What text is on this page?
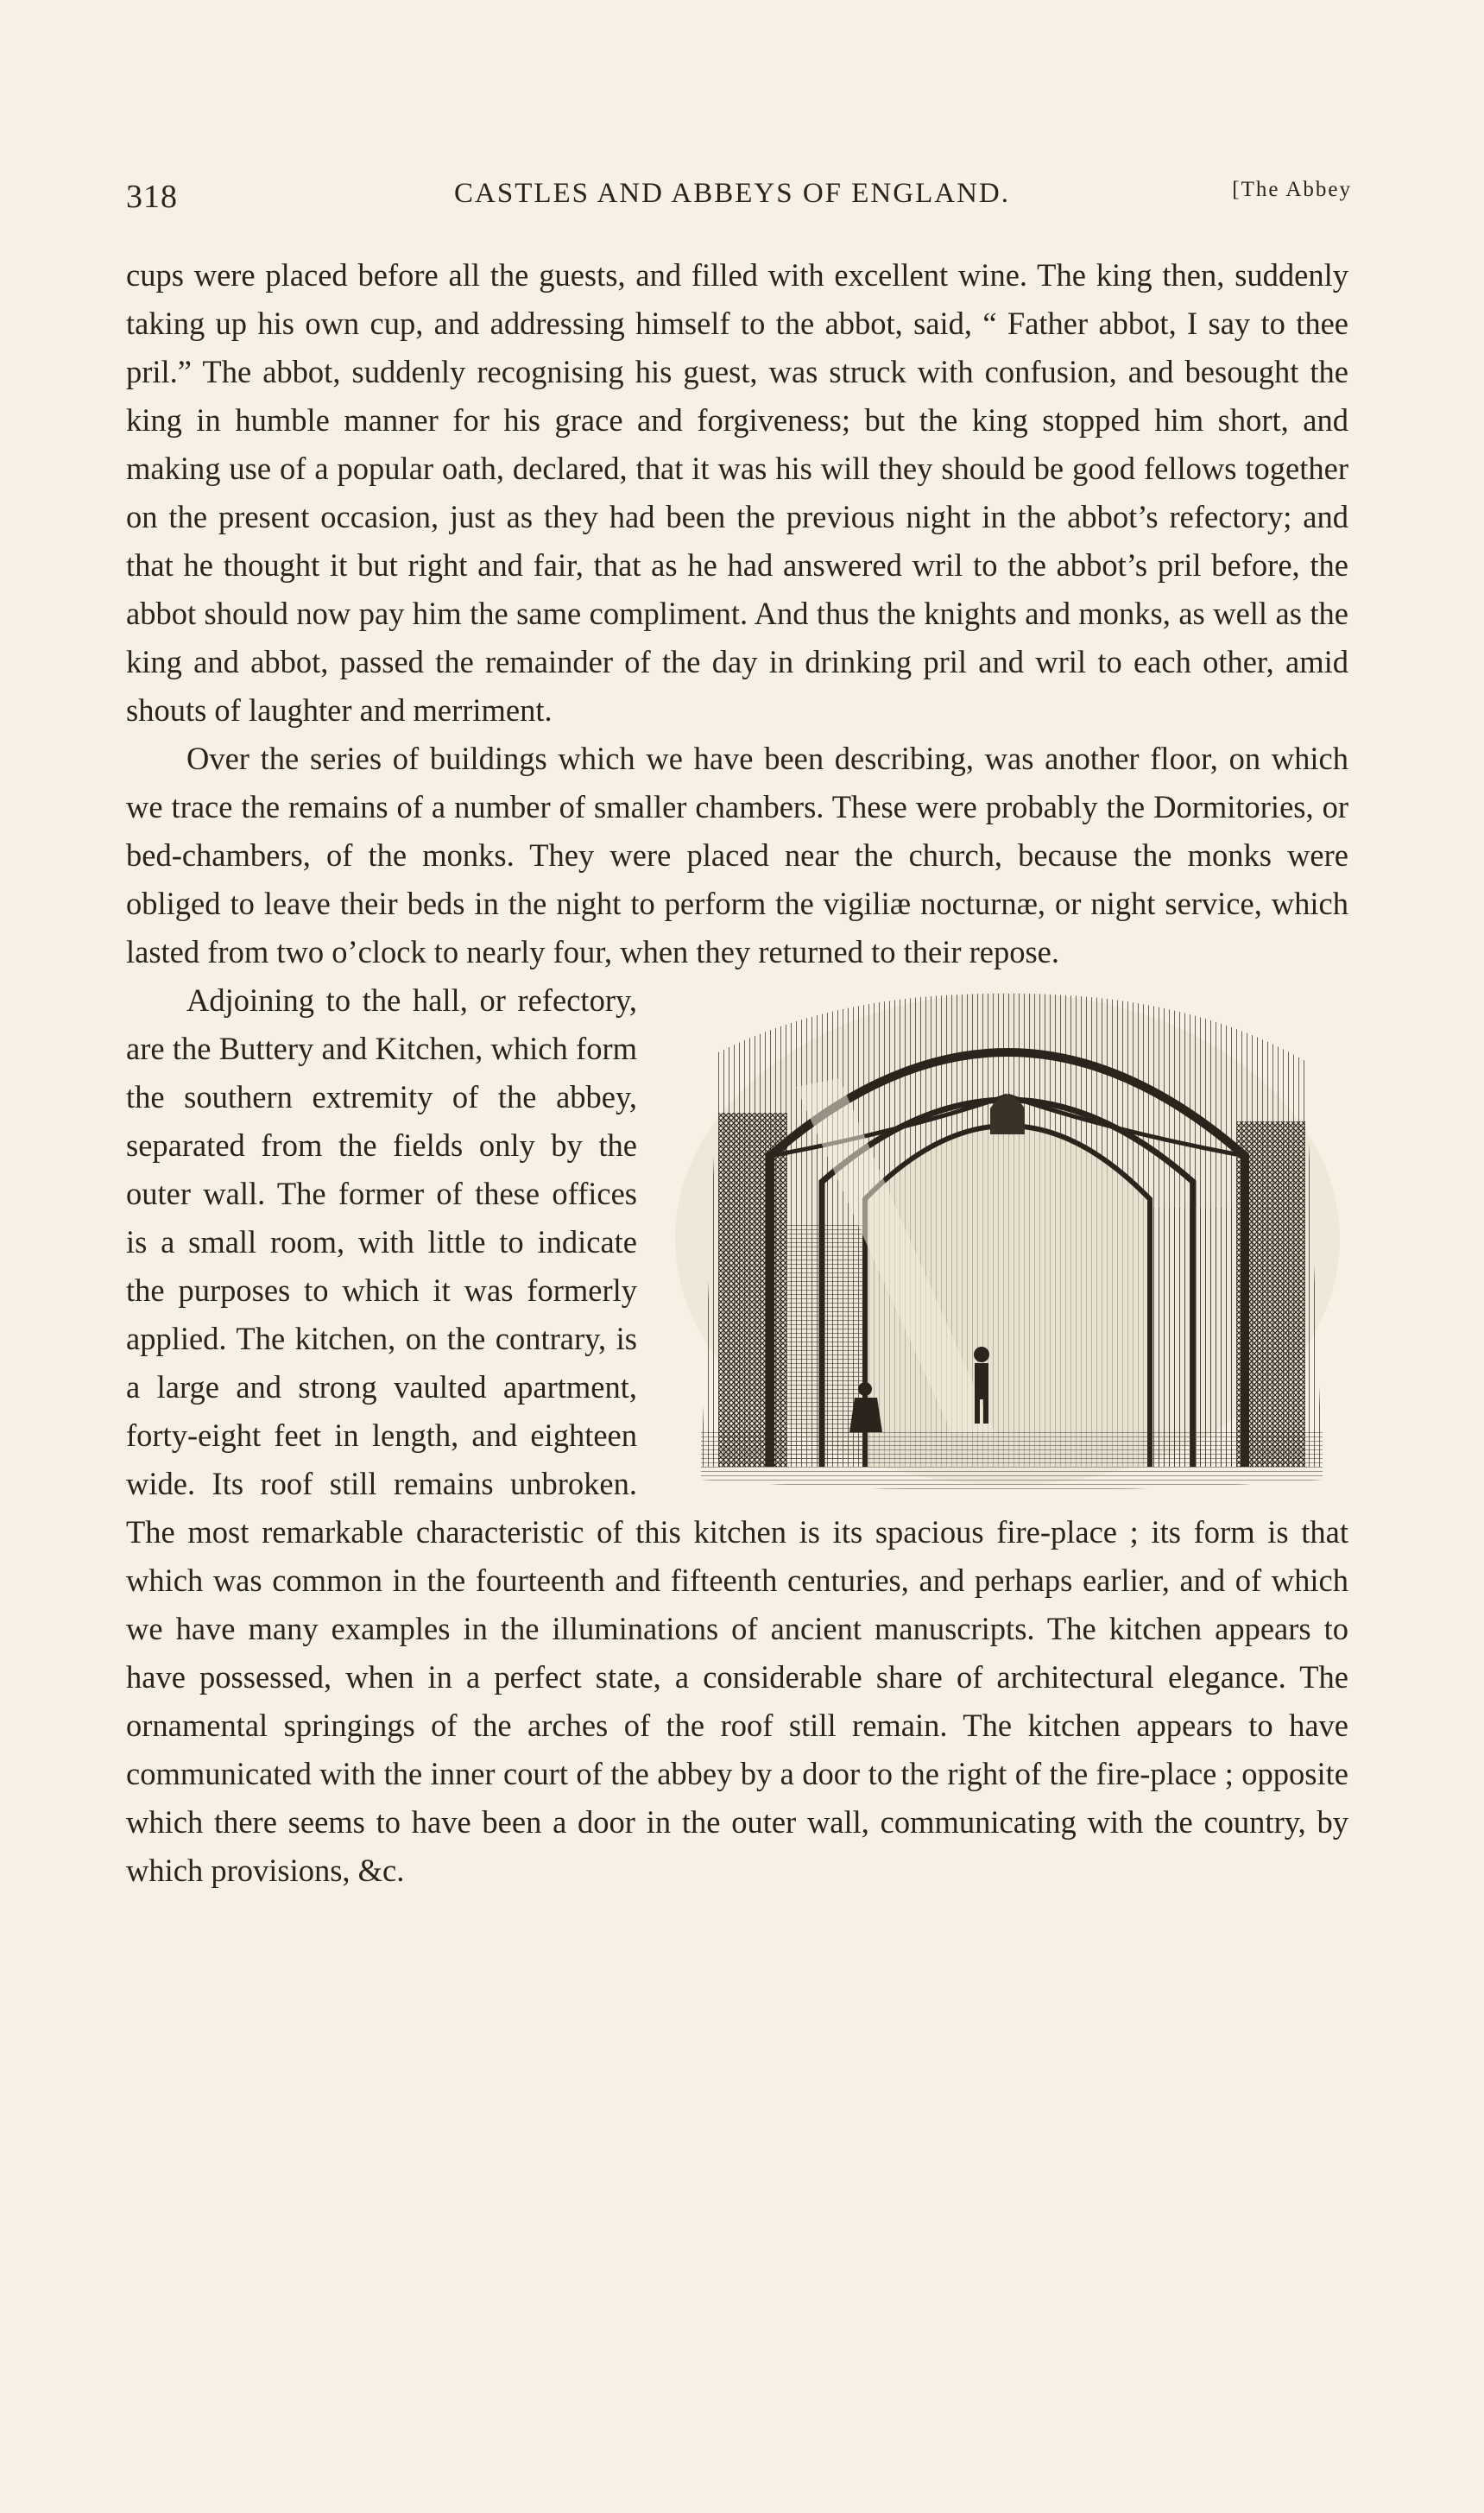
318	CASTLES AND ABBEYS OF ENGLAND.	[The Abbey

cups were placed before all the guests, and filled with excellent wine. The king then, suddenly taking up his own cup, and addressing himself to the abbot, said, “ Father abbot, I say to thee pril.” The abbot, suddenly recognising his guest, was struck with confusion, and besought the king in humble manner for his grace and forgiveness; but the king stopped him short, and making use of a popular oath, declared, that it was his will they should be good fellows together on the present occasion, just as they had been the previous night in the abbot’s refectory; and that he thought it but right and fair, that as he had answered wril to the abbot’s pril before, the abbot should now pay him the same compliment. And thus the knights and monks, as well as the king and abbot, passed the remainder of the day in drinking pril and wril to each other, amid shouts of laughter and merriment.

Over the series of buildings which we have been describing, was another floor, on which we trace the remains of a number of smaller chambers. These were probably the Dormitories, or bed-chambers, of the monks. They were placed near the church, because the monks were obliged to leave their beds in the night to perform the vigiliæ nocturnæ, or night service, which lasted from two o’clock to nearly four, when they returned to their repose.

Adjoining to the hall, or refectory, are the Buttery and Kitchen, which form the southern extremity of the abbey, separated from the fields only by the outer wall. The former of these offices is a small room, with little to indicate the purposes to which it was formerly applied. The kitchen, on the contrary, is a large and strong vaulted apartment, forty-eight feet in length, and eighteen wide. Its roof still remains unbroken. The most remarkable characteristic of this kitchen is its spacious fire-place ; its form is that which was common in the fourteenth and fifteenth centuries, and perhaps earlier, and of which we have many examples in the illuminations of ancient manuscripts. The kitchen appears to have possessed, when in a perfect state, a considerable share of architectural elegance. The ornamental springings of the arches of the roof still remain. The kitchen appears to have communicated with the inner court of the abbey by a door to the right of the fire-place ; opposite which there seems to have been a door in the outer wall, communicating with the country, by which provisions, &c.
